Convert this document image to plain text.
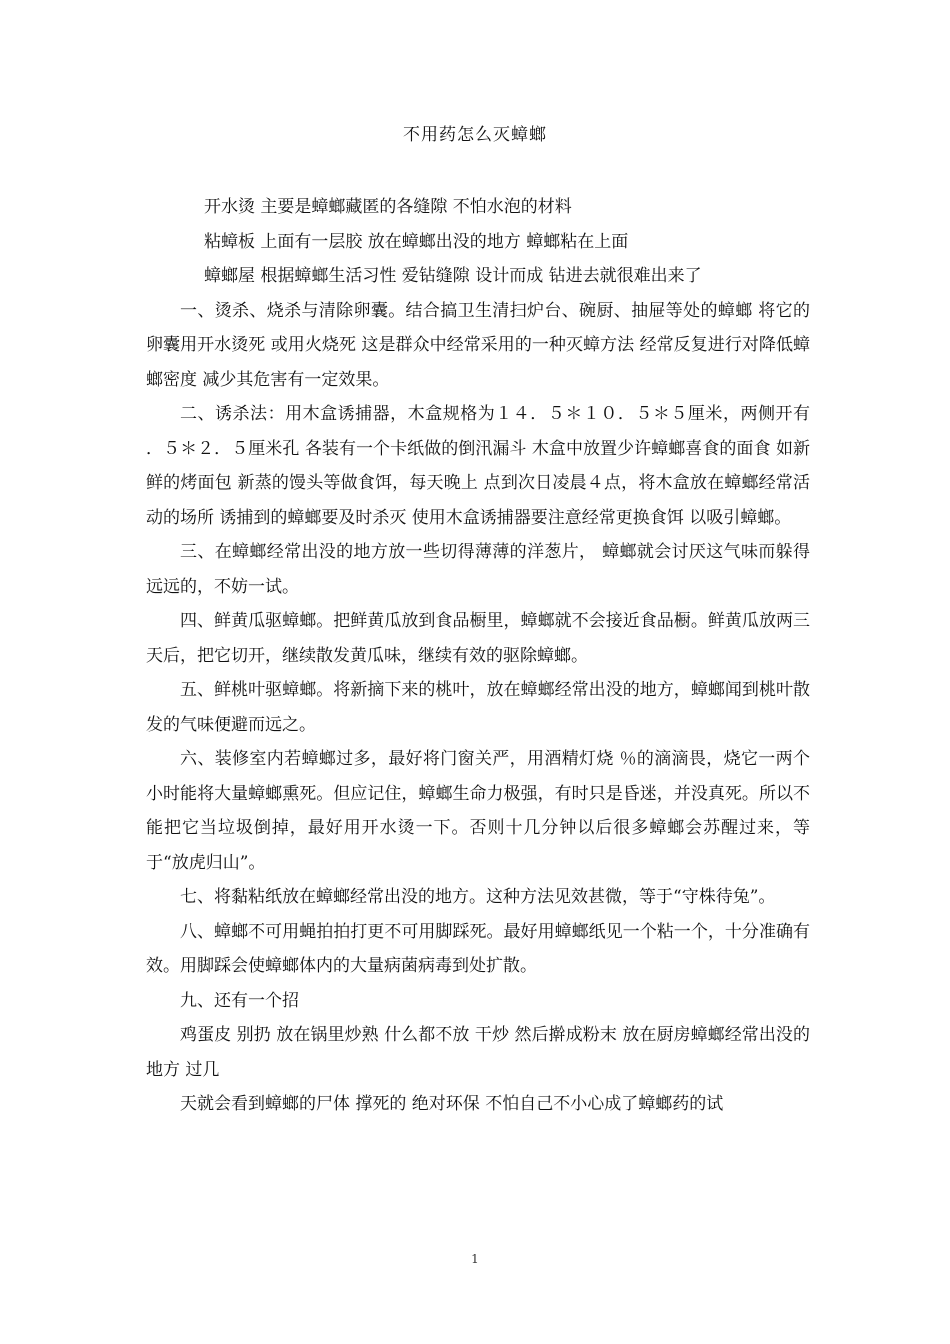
不用药怎么灭蟑螂

开水烫 主要是蟑螂藏匿的各缝隙 不怕水泡的材料

粘蟑板 上面有一层胶 放在蟑螂出没的地方 蟑螂粘在上面

蟑螂屋 根据蟑螂生活习性 爱钻缝隙 设计而成 钻进去就很难出来了

一、烫杀、烧杀与清除卵囊。结合搞卫生清扫炉台、碗厨、抽屉等处的蟑螂 将它的卵囊用开水烫死 或用火烧死 这是群众中经常采用的一种灭蟑方法 经常反复进行对降低蟑螂密度 减少其危害有一定效果。

二、诱杀法：用木盒诱捕器，木盒规格为１４．５＊１０．５＊５厘米，两侧开有 ．５＊２．５厘米孔 各装有一个卡纸做的倒汛漏斗 木盒中放置少许蟑螂喜食的面食 如新鲜的烤面包 新蒸的馒头等做食饵，每天晚上 点到次日凌晨４点，将木盒放在蟑螂经常活动的场所 诱捕到的蟑螂要及时杀灭 使用木盒诱捕器要注意经常更换食饵 以吸引蟑螂。

三、在蟑螂经常出没的地方放一些切得薄薄的洋葱片， 蟑螂就会讨厌这气味而躲得远远的，不妨一试。

四、鲜黄瓜驱蟑螂。把鲜黄瓜放到食品橱里，蟑螂就不会接近食品橱。鲜黄瓜放两三天后，把它切开，继续散发黄瓜味，继续有效的驱除蟑螂。

五、鲜桃叶驱蟑螂。将新摘下来的桃叶，放在蟑螂经常出没的地方，蟑螂闻到桃叶散发的气味便避而远之。

六、装修室内若蟑螂过多，最好将门窗关严，用酒精灯烧 ％的滴滴畏，烧它一两个小时能将大量蟑螂熏死。但应记住，蟑螂生命力极强，有时只是昏迷，并没真死。所以不能把它当垃圾倒掉，最好用开水烫一下。否则十几分钟以后很多蟑螂会苏醒过来，等于“放虎归山”。

七、将黏粘纸放在蟑螂经常出没的地方。这种方法见效甚微，等于“守株待兔”。

八、蟑螂不可用蝇拍拍打更不可用脚踩死。最好用蟑螂纸见一个粘一个，十分准确有效。用脚踩会使蟑螂体内的大量病菌病毒到处扩散。

九、还有一个招

鸡蛋皮 别扔 放在锅里炒熟 什么都不放 干炒 然后擀成粉末 放在厨房蟑螂经常出没的地方 过几

天就会看到蟑螂的尸体 撑死的 绝对环保 不怕自己不小心成了蟑螂药的试

1
